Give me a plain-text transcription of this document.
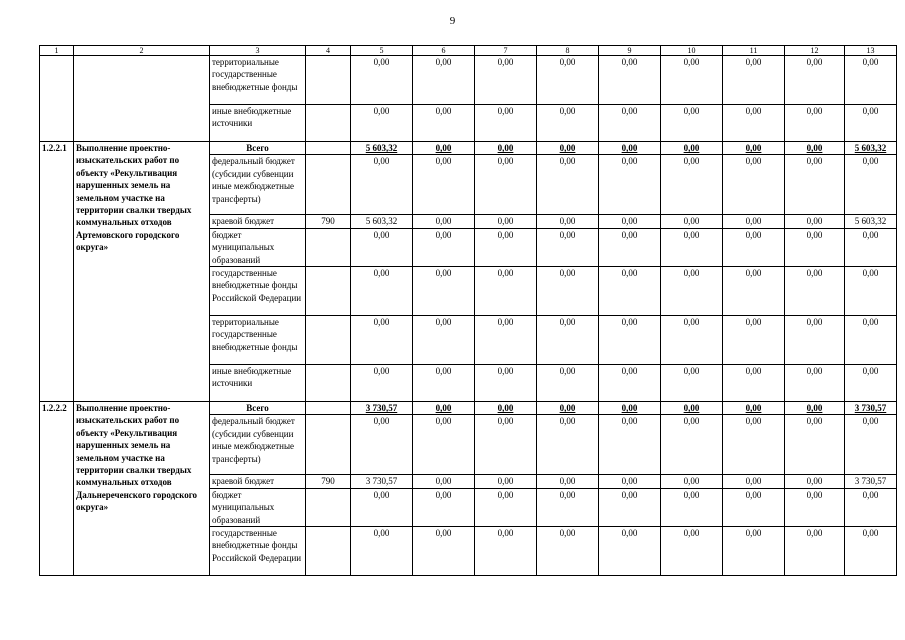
9
1	2	3	4	5	6	7	8	9	10	11	12	13
		территориальные государственные внебюджетные фонды		0,00	0,00	0,00	0,00	0,00	0,00	0,00	0,00	0,00
		иные внебюджетные источники		0,00	0,00	0,00	0,00	0,00	0,00	0,00	0,00	0,00
1.2.2.1	Выполнение проектно-изыскательских работ по объекту «Рекультивация нарушенных земель на земельном участке на территории свалки твердых коммунальных отходов Артемовского городского округа»	Всего		5 603,32	0,00	0,00	0,00	0,00	0,00	0,00	0,00	5 603,32
		федеральный бюджет (субсидии субвенции иные межбюджетные трансферты)		0,00	0,00	0,00	0,00	0,00	0,00	0,00	0,00	0,00
		краевой бюджет	790	5 603,32	0,00	0,00	0,00	0,00	0,00	0,00	0,00	5 603,32
		бюджет муниципальных образований		0,00	0,00	0,00	0,00	0,00	0,00	0,00	0,00	0,00
		государственные внебюджетные фонды Российской Федерации		0,00	0,00	0,00	0,00	0,00	0,00	0,00	0,00	0,00
		территориальные государственные внебюджетные фонды		0,00	0,00	0,00	0,00	0,00	0,00	0,00	0,00	0,00
		иные внебюджетные источники		0,00	0,00	0,00	0,00	0,00	0,00	0,00	0,00	0,00
1.2.2.2	Выполнение проектно-изыскательских работ по объекту «Рекультивация нарушенных земель на земельном участке на территории свалки твердых коммунальных отходов Дальнереченского городского округа»	Всего		3 730,57	0,00	0,00	0,00	0,00	0,00	0,00	0,00	3 730,57
		федеральный бюджет (субсидии субвенции иные межбюджетные трансферты)		0,00	0,00	0,00	0,00	0,00	0,00	0,00	0,00	0,00
		краевой бюджет	790	3 730,57	0,00	0,00	0,00	0,00	0,00	0,00	0,00	3 730,57
		бюджет муниципальных образований		0,00	0,00	0,00	0,00	0,00	0,00	0,00	0,00	0,00
		государственные внебюджетные фонды Российской Федерации		0,00	0,00	0,00	0,00	0,00	0,00	0,00	0,00	0,00
